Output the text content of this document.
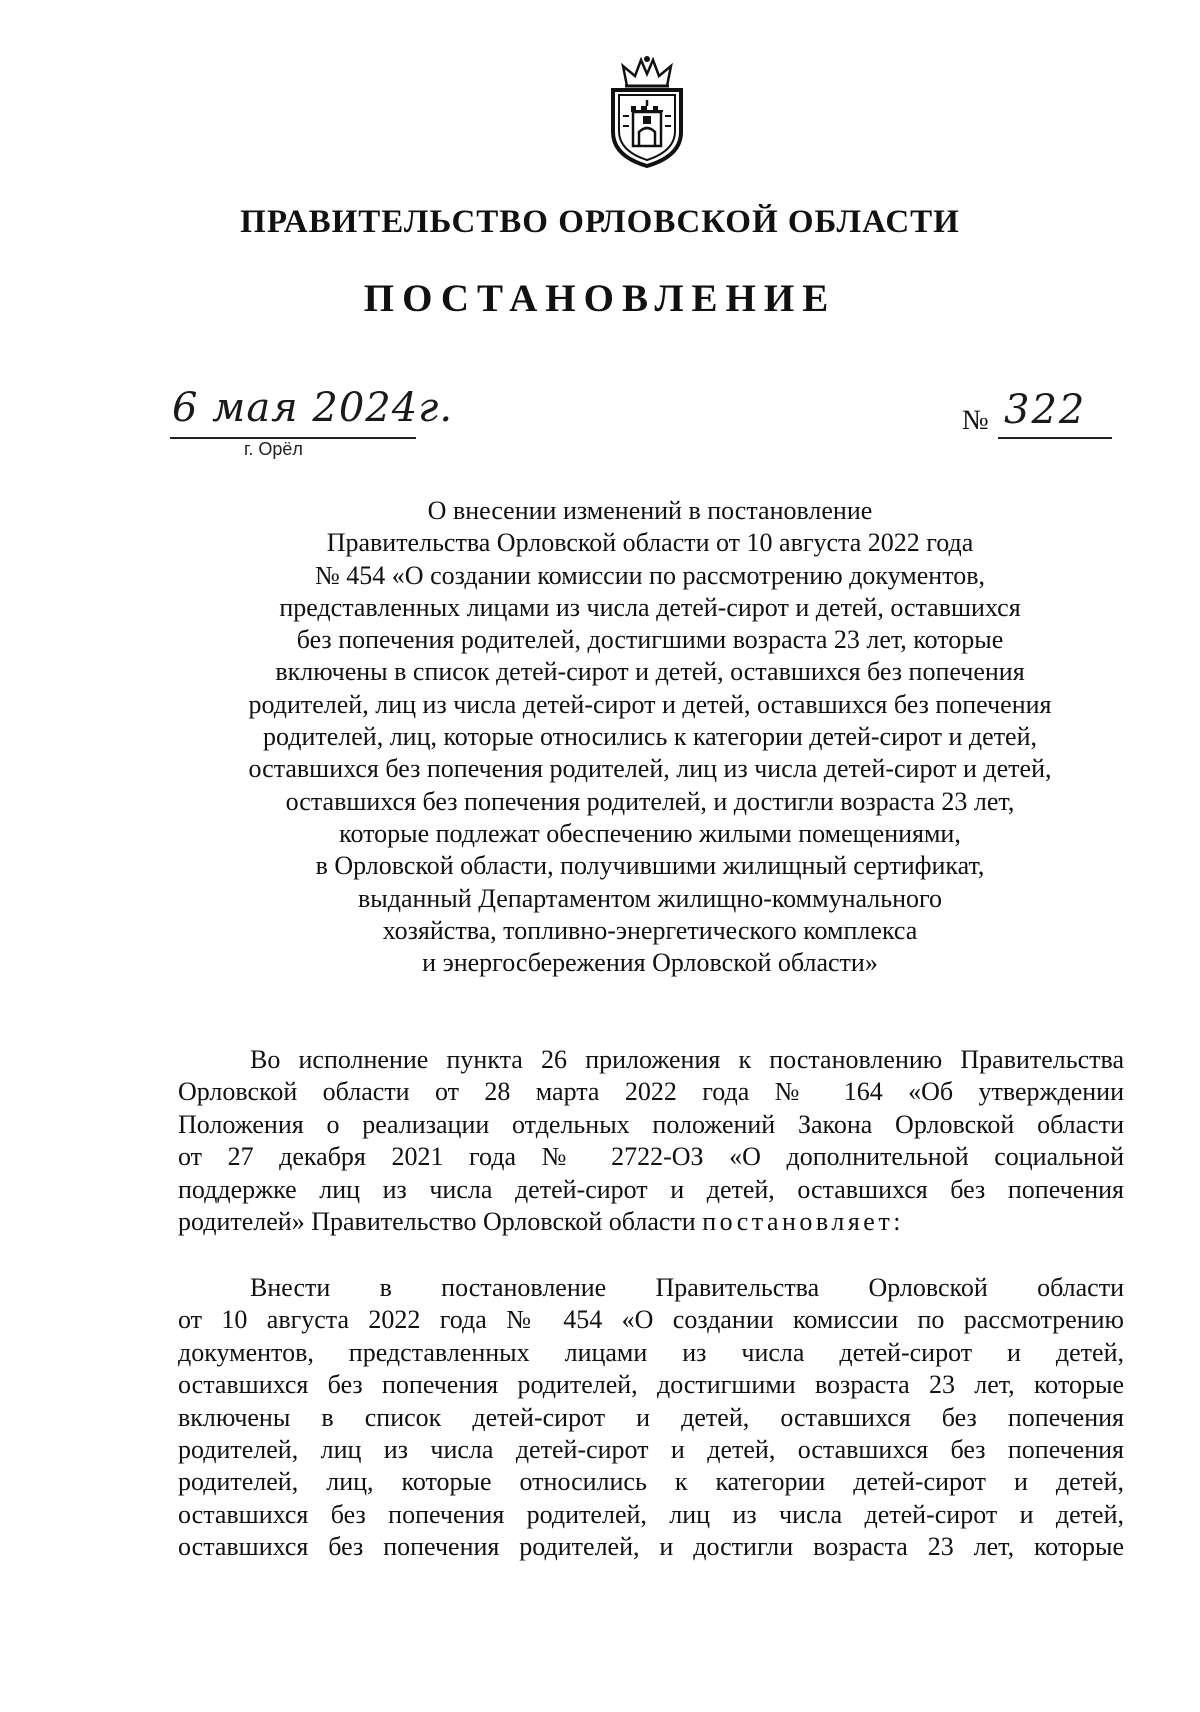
ПРАВИТЕЛЬСТВО ОРЛОВСКОЙ ОБЛАСТИ
ПОСТАНОВЛЕНИЕ
6 мая 2024г.
г. Орёл
№ 322
О внесении изменений в постановление
Правительства Орловской области от 10 августа 2022 года
№ 454 «О создании комиссии по рассмотрению документов,
представленных лицами из числа детей-сирот и детей, оставшихся
без попечения родителей, достигшими возраста 23 лет, которые
включены в список детей-сирот и детей, оставшихся без попечения
родителей, лиц из числа детей-сирот и детей, оставшихся без попечения
родителей, лиц, которые относились к категории детей-сирот и детей,
оставшихся без попечения родителей, лиц из числа детей-сирот и детей,
оставшихся без попечения родителей, и достигли возраста 23 лет,
которые подлежат обеспечению жилыми помещениями,
в Орловской области, получившими жилищный сертификат,
выданный Департаментом жилищно-коммунального
хозяйства, топливно-энергетического комплекса
и энергосбережения Орловской области»
Во исполнение пункта 26 приложения к постановлению Правительства
Орловской области от 28 марта 2022 года № 164 «Об утверждении
Положения о реализации отдельных положений Закона Орловской области
от 27 декабря 2021 года № 2722-ОЗ «О дополнительной социальной
поддержке лиц из числа детей-сирот и детей, оставшихся без попечения
родителей» Правительство Орловской области постановляет:
Внести в постановление Правительства Орловской области
от 10 августа 2022 года № 454 «О создании комиссии по рассмотрению
документов, представленных лицами из числа детей-сирот и детей,
оставшихся без попечения родителей, достигшими возраста 23 лет, которые
включены в список детей-сирот и детей, оставшихся без попечения
родителей, лиц из числа детей-сирот и детей, оставшихся без попечения
родителей, лиц, которые относились к категории детей-сирот и детей,
оставшихся без попечения родителей, лиц из числа детей-сирот и детей,
оставшихся без попечения родителей, и достигли возраста 23 лет, которые
